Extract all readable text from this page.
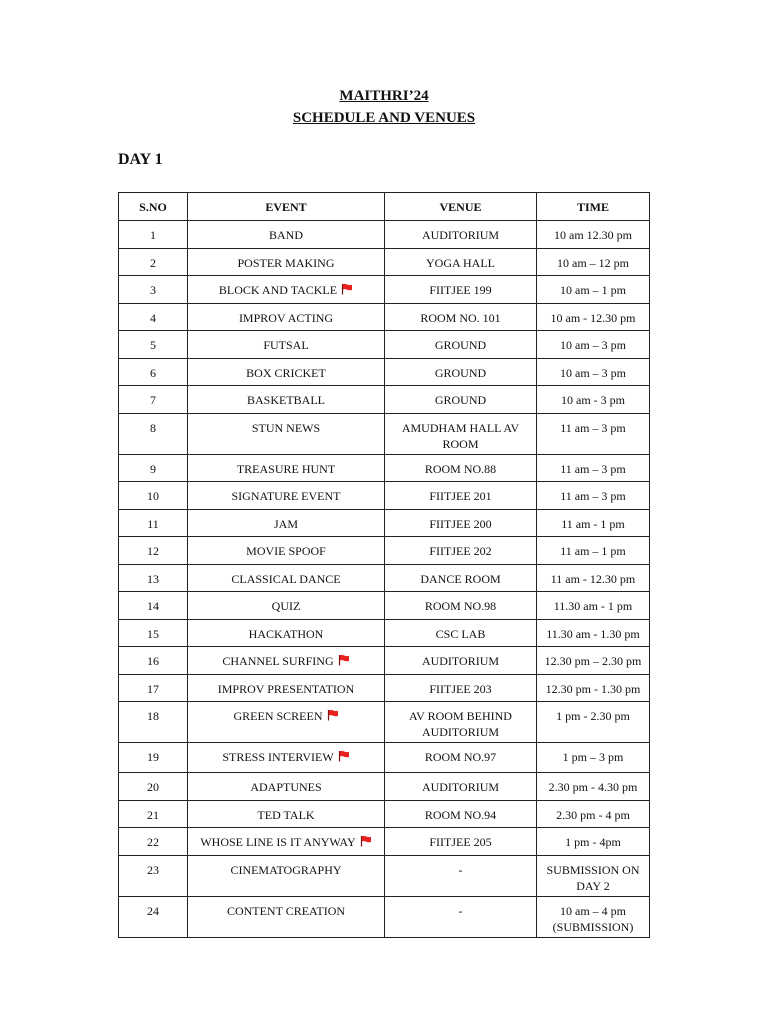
MAITHRI’24
SCHEDULE AND VENUES
DAY 1
S.NO	EVENT	VENUE	TIME
1	BAND	AUDITORIUM	10 am 12.30 pm
2	POSTER MAKING	YOGA HALL	10 am – 12 pm
3	BLOCK AND TACKLE	FIITJEE 199	10 am – 1 pm
4	IMPROV ACTING	ROOM NO. 101	10 am - 12.30 pm
5	FUTSAL	GROUND	10 am – 3 pm
6	BOX CRICKET	GROUND	10 am – 3 pm
7	BASKETBALL	GROUND	10 am - 3 pm
8	STUN NEWS	AMUDHAM HALL AV ROOM	11 am – 3 pm
9	TREASURE HUNT	ROOM NO.88	11 am – 3 pm
10	SIGNATURE EVENT	FIITJEE 201	11 am – 3 pm
11	JAM	FIITJEE 200	11 am - 1 pm
12	MOVIE SPOOF	FIITJEE 202	11 am – 1 pm
13	CLASSICAL DANCE	DANCE ROOM	11 am - 12.30 pm
14	QUIZ	ROOM NO.98	11.30 am - 1 pm
15	HACKATHON	CSC LAB	11.30 am - 1.30 pm
16	CHANNEL SURFING	AUDITORIUM	12.30 pm – 2.30 pm
17	IMPROV PRESENTATION	FIITJEE 203	12.30 pm - 1.30 pm
18	GREEN SCREEN	AV ROOM BEHIND AUDITORIUM	1 pm - 2.30 pm
19	STRESS INTERVIEW	ROOM NO.97	1 pm – 3 pm
20	ADAPTUNES	AUDITORIUM	2.30 pm - 4.30 pm
21	TED TALK	ROOM NO.94	2.30 pm - 4 pm
22	WHOSE LINE IS IT ANYWAY	FIITJEE 205	1 pm - 4pm
23	CINEMATOGRAPHY	-	SUBMISSION ON DAY 2
24	CONTENT CREATION	-	10 am – 4 pm (SUBMISSION)
